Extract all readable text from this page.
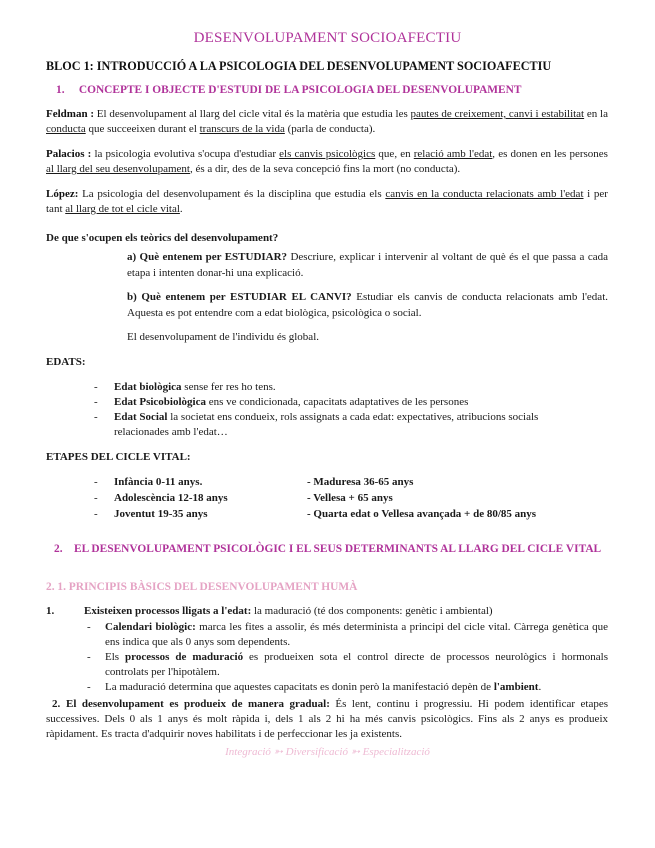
DESENVOLUPAMENT SOCIOAFECTIU
BLOC 1: INTRODUCCIÓ A LA PSICOLOGIA DEL DESENVOLUPAMENT SOCIOAFECTIU
1. CONCEPTE I OBJECTE D'ESTUDI DE LA PSICOLOGIA DEL DESENVOLUPAMENT

Feldman : El desenvolupament al llarg del cicle vital és la matèria que estudia les pautes de creixement, canvi i estabilitat en la conducta que succeeixen durant el transcurs de la vida (parla de conducta).

Palacios : la psicologia evolutiva s'ocupa d'estudiar els canvis psicològics que, en relació amb l'edat, es donen en les persones al llarg del seu desenvolupament, és a dir, des de la seva concepció fins la mort (no conducta).

López: La psicologia del desenvolupament és la disciplina que estudia els canvis en la conducta relacionats amb l'edat i per tant al llarg de tot el cicle vital.

De que s'ocupen els teòrics del desenvolupament?

a) Què entenem per ESTUDIAR? Descriure, explicar i intervenir al voltant de què és el que passa a cada etapa i intenten donar-hi una explicació.

b) Què entenem per ESTUDIAR EL CANVI? Estudiar els canvis de conducta relacionats amb l'edat. Aquesta es pot entendre com a edat biològica, psicològica o social.

El desenvolupament de l'individu és global.

EDATS:
- Edat biològica sense fer res ho tens.
- Edat Psicobiològica ens ve condicionada, capacitats adaptatives de les persones
- Edat Social la societat ens condueix, rols assignats a cada edat: expectatives, atribucions socials relacionades amb l'edat…
ETAPES DEL CICLE VITAL:
- Infància 0-11 anys.	- Maduresa 36-65 anys
- Adolescència 12-18 anys	- Vellesa + 65 anys
- Joventut 19-35 anys	- Quarta edat o Vellesa avançada + de 80/85 anys
2.	EL DESENVOLUPAMENT PSICOLÒGIC I EL SEUS DETERMINANTS AL LLARG DEL CICLE VITAL
2. 1. PRINCIPIS BÀSICS DEL DESENVOLUPAMENT HUMÀ
1.	Existeixen processos lligats a l'edat: la maduració (té dos components: genètic i ambiental)
- Calendari biològic: marca les fites a assolir, és més determinista a principi del cicle vital. Càrrega genètica que ens indica que als 0 anys som dependents.
- Els processos de maduració es produeixen sota el control directe de processos neurològics i hormonals controlats per l'hipotàlem.
- La maduració determina que aquestes capacitats es donin però la manifestació depèn de l'ambient.

2. El desenvolupament es produeix de manera gradual: És lent, continu i progressiu. Hi podem identificar etapes successives. Dels 0 als 1 anys és molt ràpida i, dels 1 als 2 hi ha més canvis psicològics. Fins als 2 anys es produeix ràpidament. Es tracta d'adquirir noves habilitats i de perfeccionar les ja existents.

Integració ➳ Diversificació ➳ Especialització
